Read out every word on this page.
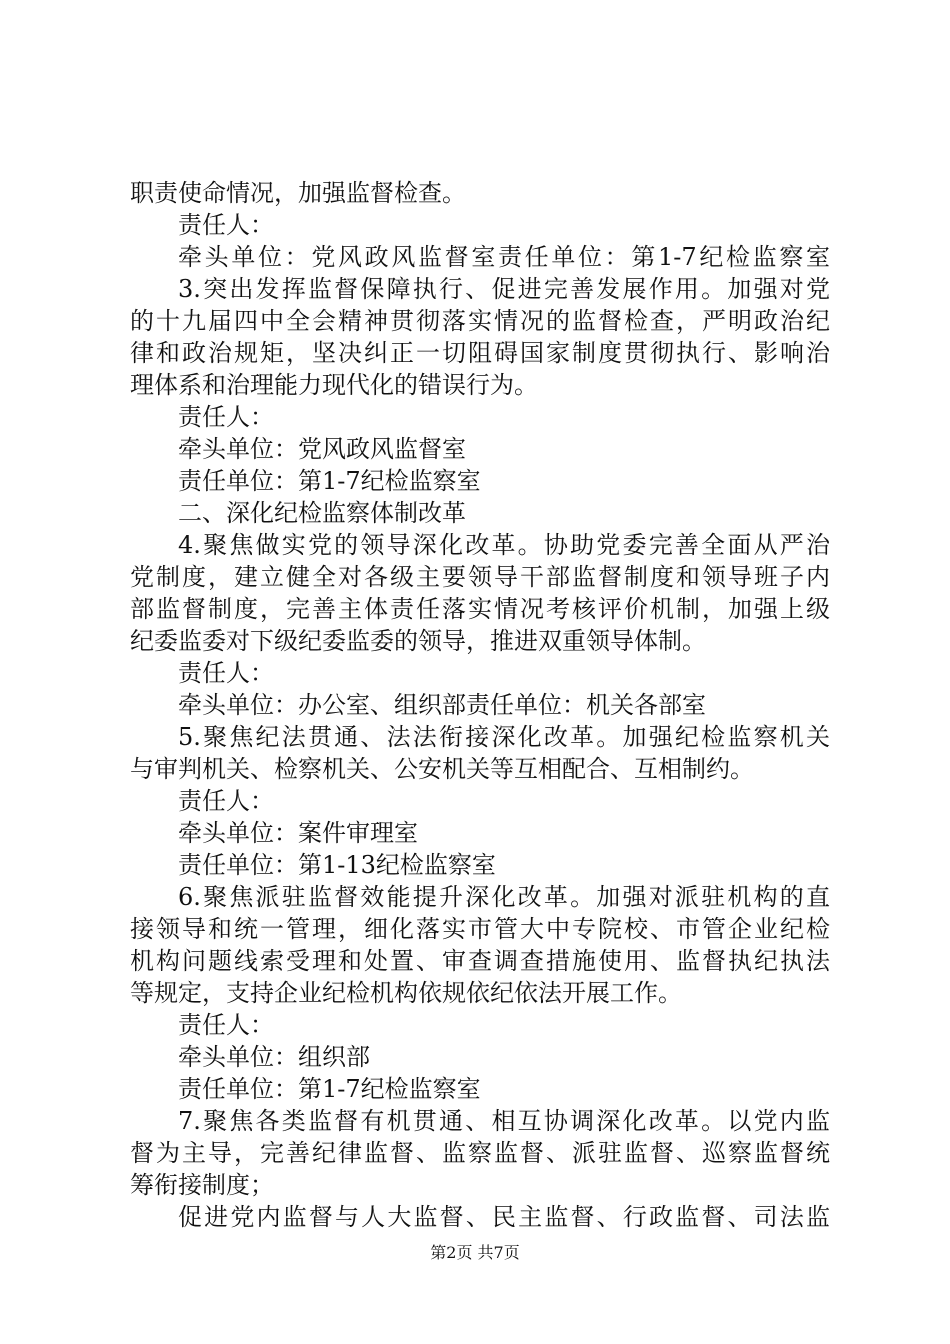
职责使命情况，加强监督检查。
责任人：
牵头单位：党风政风监督室责任单位：第1-7纪检监察室
3.突出发挥监督保障执行、促进完善发展作用。加强对党
的十九届四中全会精神贯彻落实情况的监督检查，严明政治纪
律和政治规矩，坚决纠正一切阻碍国家制度贯彻执行、影响治
理体系和治理能力现代化的错误行为。
责任人：
牵头单位：党风政风监督室
责任单位：第1-7纪检监察室
二、深化纪检监察体制改革
4.聚焦做实党的领导深化改革。协助党委完善全面从严治
党制度，建立健全对各级主要领导干部监督制度和领导班子内
部监督制度，完善主体责任落实情况考核评价机制，加强上级
纪委监委对下级纪委监委的领导，推进双重领导体制。
责任人：
牵头单位：办公室、组织部责任单位：机关各部室
5.聚焦纪法贯通、法法衔接深化改革。加强纪检监察机关
与审判机关、检察机关、公安机关等互相配合、互相制约。
责任人：
牵头单位：案件审理室
责任单位：第1-13纪检监察室
6.聚焦派驻监督效能提升深化改革。加强对派驻机构的直
接领导和统一管理，细化落实市管大中专院校、市管企业纪检
机构问题线索受理和处置、审查调查措施使用、监督执纪执法
等规定，支持企业纪检机构依规依纪依法开展工作。
责任人：
牵头单位：组织部
责任单位：第1-7纪检监察室
7.聚焦各类监督有机贯通、相互协调深化改革。以党内监
督为主导，完善纪律监督、监察监督、派驻监督、巡察监督统
筹衔接制度；
促进党内监督与人大监督、民主监督、行政监督、司法监
第2页 共7页
